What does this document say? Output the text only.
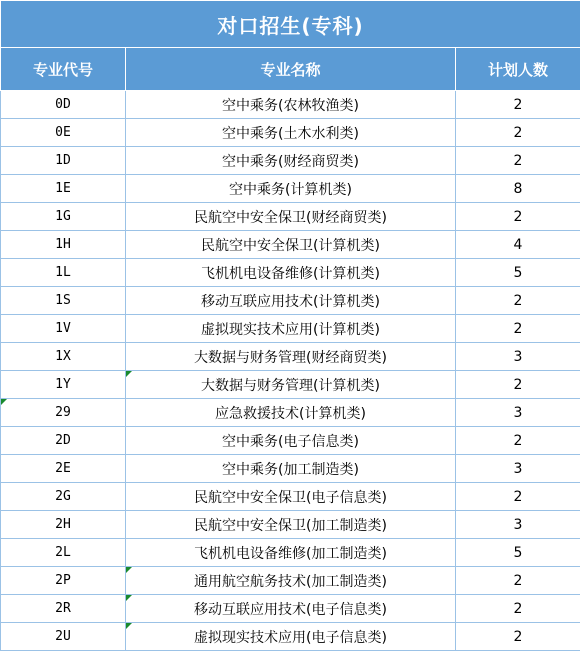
对口招生(专科)		
专业代号	专业名称	计划人数
0D	空中乘务(农林牧渔类)	2
0E	空中乘务(土木水利类)	2
1D	空中乘务(财经商贸类)	2
1E	空中乘务(计算机类)	8
1G	民航空中安全保卫(财经商贸类)	2
1H	民航空中安全保卫(计算机类)	4
1L	飞机机电设备维修(计算机类)	5
1S	移动互联应用技术(计算机类)	2
1V	虚拟现实技术应用(计算机类)	2
1X	大数据与财务管理(财经商贸类)	3
1Y	大数据与财务管理(计算机类)	2
29	应急救援技术(计算机类)	3
2D	空中乘务(电子信息类)	2
2E	空中乘务(加工制造类)	3
2G	民航空中安全保卫(电子信息类)	2
2H	民航空中安全保卫(加工制造类)	3
2L	飞机机电设备维修(加工制造类)	5
2P	通用航空航务技术(加工制造类)	2
2R	移动互联应用技术(电子信息类)	2
2U	虚拟现实技术应用(电子信息类)	2
